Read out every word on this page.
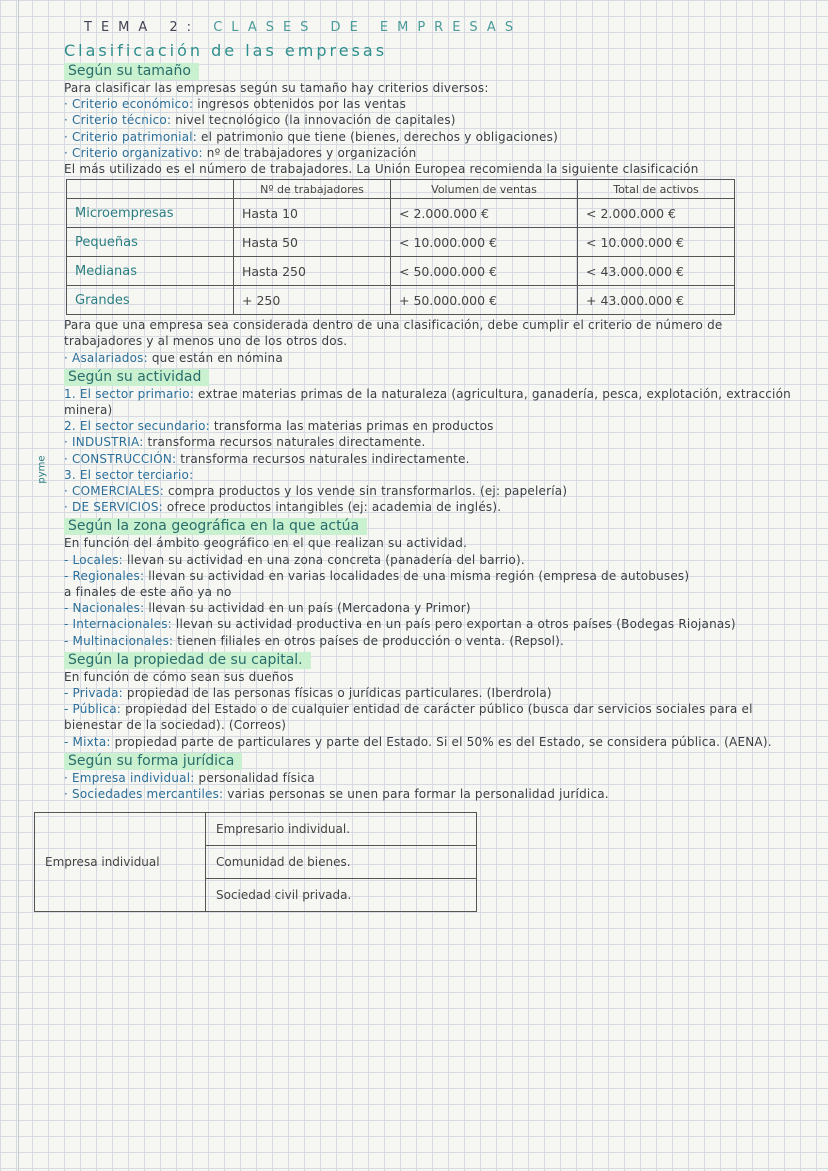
TEMA 2: CLASES DE EMPRESAS
Clasificación de las empresas
Según su tamaño
Para clasificar las empresas según su tamaño hay criterios diversos:
· Criterio económico: ingresos obtenidos por las ventas
· Criterio técnico: nivel tecnológico (la innovación de capitales)
· Criterio patrimonial: el patrimonio que tiene (bienes, derechos y obligaciones)
· Criterio organizativo: nº de trabajadores y organización
El más utilizado es el número de trabajadores. La Unión Europea recomienda la siguiente clasificación
pyme
	Nº de trabajadores	Volumen de ventas	Total de activos
Microempresas	Hasta 10	< 2.000.000 €	< 2.000.000 €
Pequeñas	Hasta 50	< 10.000.000 €	< 10.000.000 €
Medianas	Hasta 250	< 50.000.000 €	< 43.000.000 €
Grandes	+ 250	+ 50.000.000 €	+ 43.000.000 €
Para que una empresa sea considerada dentro de una clasificación, debe cumplir el criterio de número de trabajadores y al menos uno de los otros dos.
· Asalariados: que están en nómina
Según su actividad
1. El sector primario: extrae materias primas de la naturaleza (agricultura, ganadería, pesca, explotación, extracción minera)
2. El sector secundario: transforma las materias primas en productos
· INDUSTRIA: transforma recursos naturales directamente.
· CONSTRUCCIÓN: transforma recursos naturales indirectamente.
3. El sector terciario:
· COMERCIALES: compra productos y los vende sin transformarlos. (ej: papelería)
· DE SERVICIOS: ofrece productos intangibles (ej: academia de inglés).
Según la zona geográfica en la que actúa
En función del ámbito geográfico en el que realizan su actividad.
- Locales: llevan su actividad en una zona concreta (panadería del barrio).
- Regionales: llevan su actividad en varias localidades de una misma región (empresa de autobuses)
a finales de este año ya no
- Nacionales: llevan su actividad en un país (Mercadona y Primor)
- Internacionales: llevan su actividad productiva en un país pero exportan a otros países (Bodegas Riojanas)
- Multinacionales: tienen filiales en otros países de producción o venta. (Repsol).
Según la propiedad de su capital.
En función de cómo sean sus dueños
- Privada: propiedad de las personas físicas o jurídicas particulares. (Iberdrola)
- Pública: propiedad del Estado o de cualquier entidad de carácter público (busca dar servicios sociales para el bienestar de la sociedad). (Correos)
- Mixta: propiedad parte de particulares y parte del Estado. Si el 50% es del Estado, se considera pública. (AENA).
Según su forma jurídica
· Empresa individual: personalidad física
· Sociedades mercantiles: varias personas se unen para formar la personalidad jurídica.
Empresa individual	Empresario individual.
Comunidad de bienes.
Sociedad civil privada.
